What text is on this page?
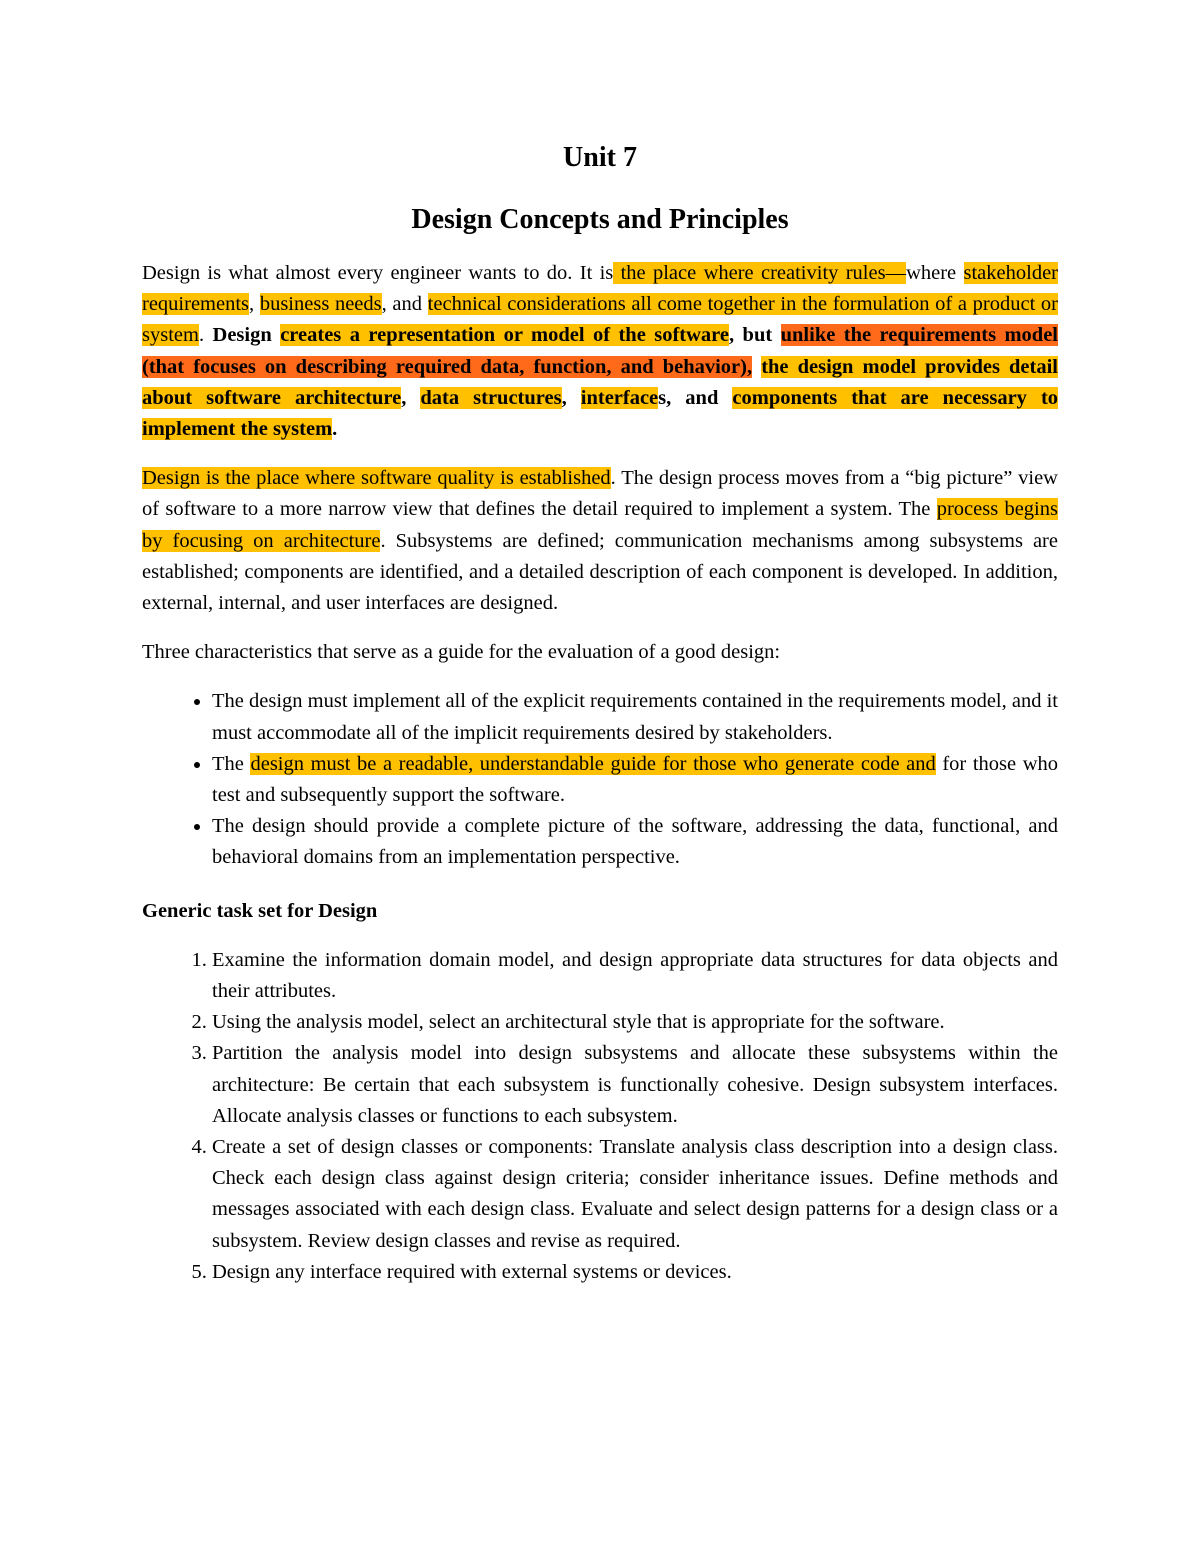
Unit 7
Design Concepts and Principles

Design is what almost every engineer wants to do. It is the place where creativity rules—where stakeholder requirements, business needs, and technical considerations all come together in the formulation of a product or system. Design creates a representation or model of the software, but unlike the requirements model (that focuses on describing required data, function, and behavior), the design model provides detail about software architecture, data structures, interfaces, and components that are necessary to implement the system.

Design is the place where software quality is established. The design process moves from a “big picture” view of software to a more narrow view that defines the detail required to implement a system. The process begins by focusing on architecture. Subsystems are defined; communication mechanisms among subsystems are established; components are identified, and a detailed description of each component is developed. In addition, external, internal, and user interfaces are designed.

Three characteristics that serve as a guide for the evaluation of a good design:

• The design must implement all of the explicit requirements contained in the requirements model, and it must accommodate all of the implicit requirements desired by stakeholders.
• The design must be a readable, understandable guide for those who generate code and for those who test and subsequently support the software.
• The design should provide a complete picture of the software, addressing the data, functional, and behavioral domains from an implementation perspective.
Generic task set for Design
1. Examine the information domain model, and design appropriate data structures for data objects and their attributes.
2. Using the analysis model, select an architectural style that is appropriate for the software.
3. Partition the analysis model into design subsystems and allocate these subsystems within the architecture: Be certain that each subsystem is functionally cohesive. Design subsystem interfaces. Allocate analysis classes or functions to each subsystem.
4. Create a set of design classes or components: Translate analysis class description into a design class. Check each design class against design criteria; consider inheritance issues. Define methods and messages associated with each design class. Evaluate and select design patterns for a design class or a subsystem. Review design classes and revise as required.
5. Design any interface required with external systems or devices.
